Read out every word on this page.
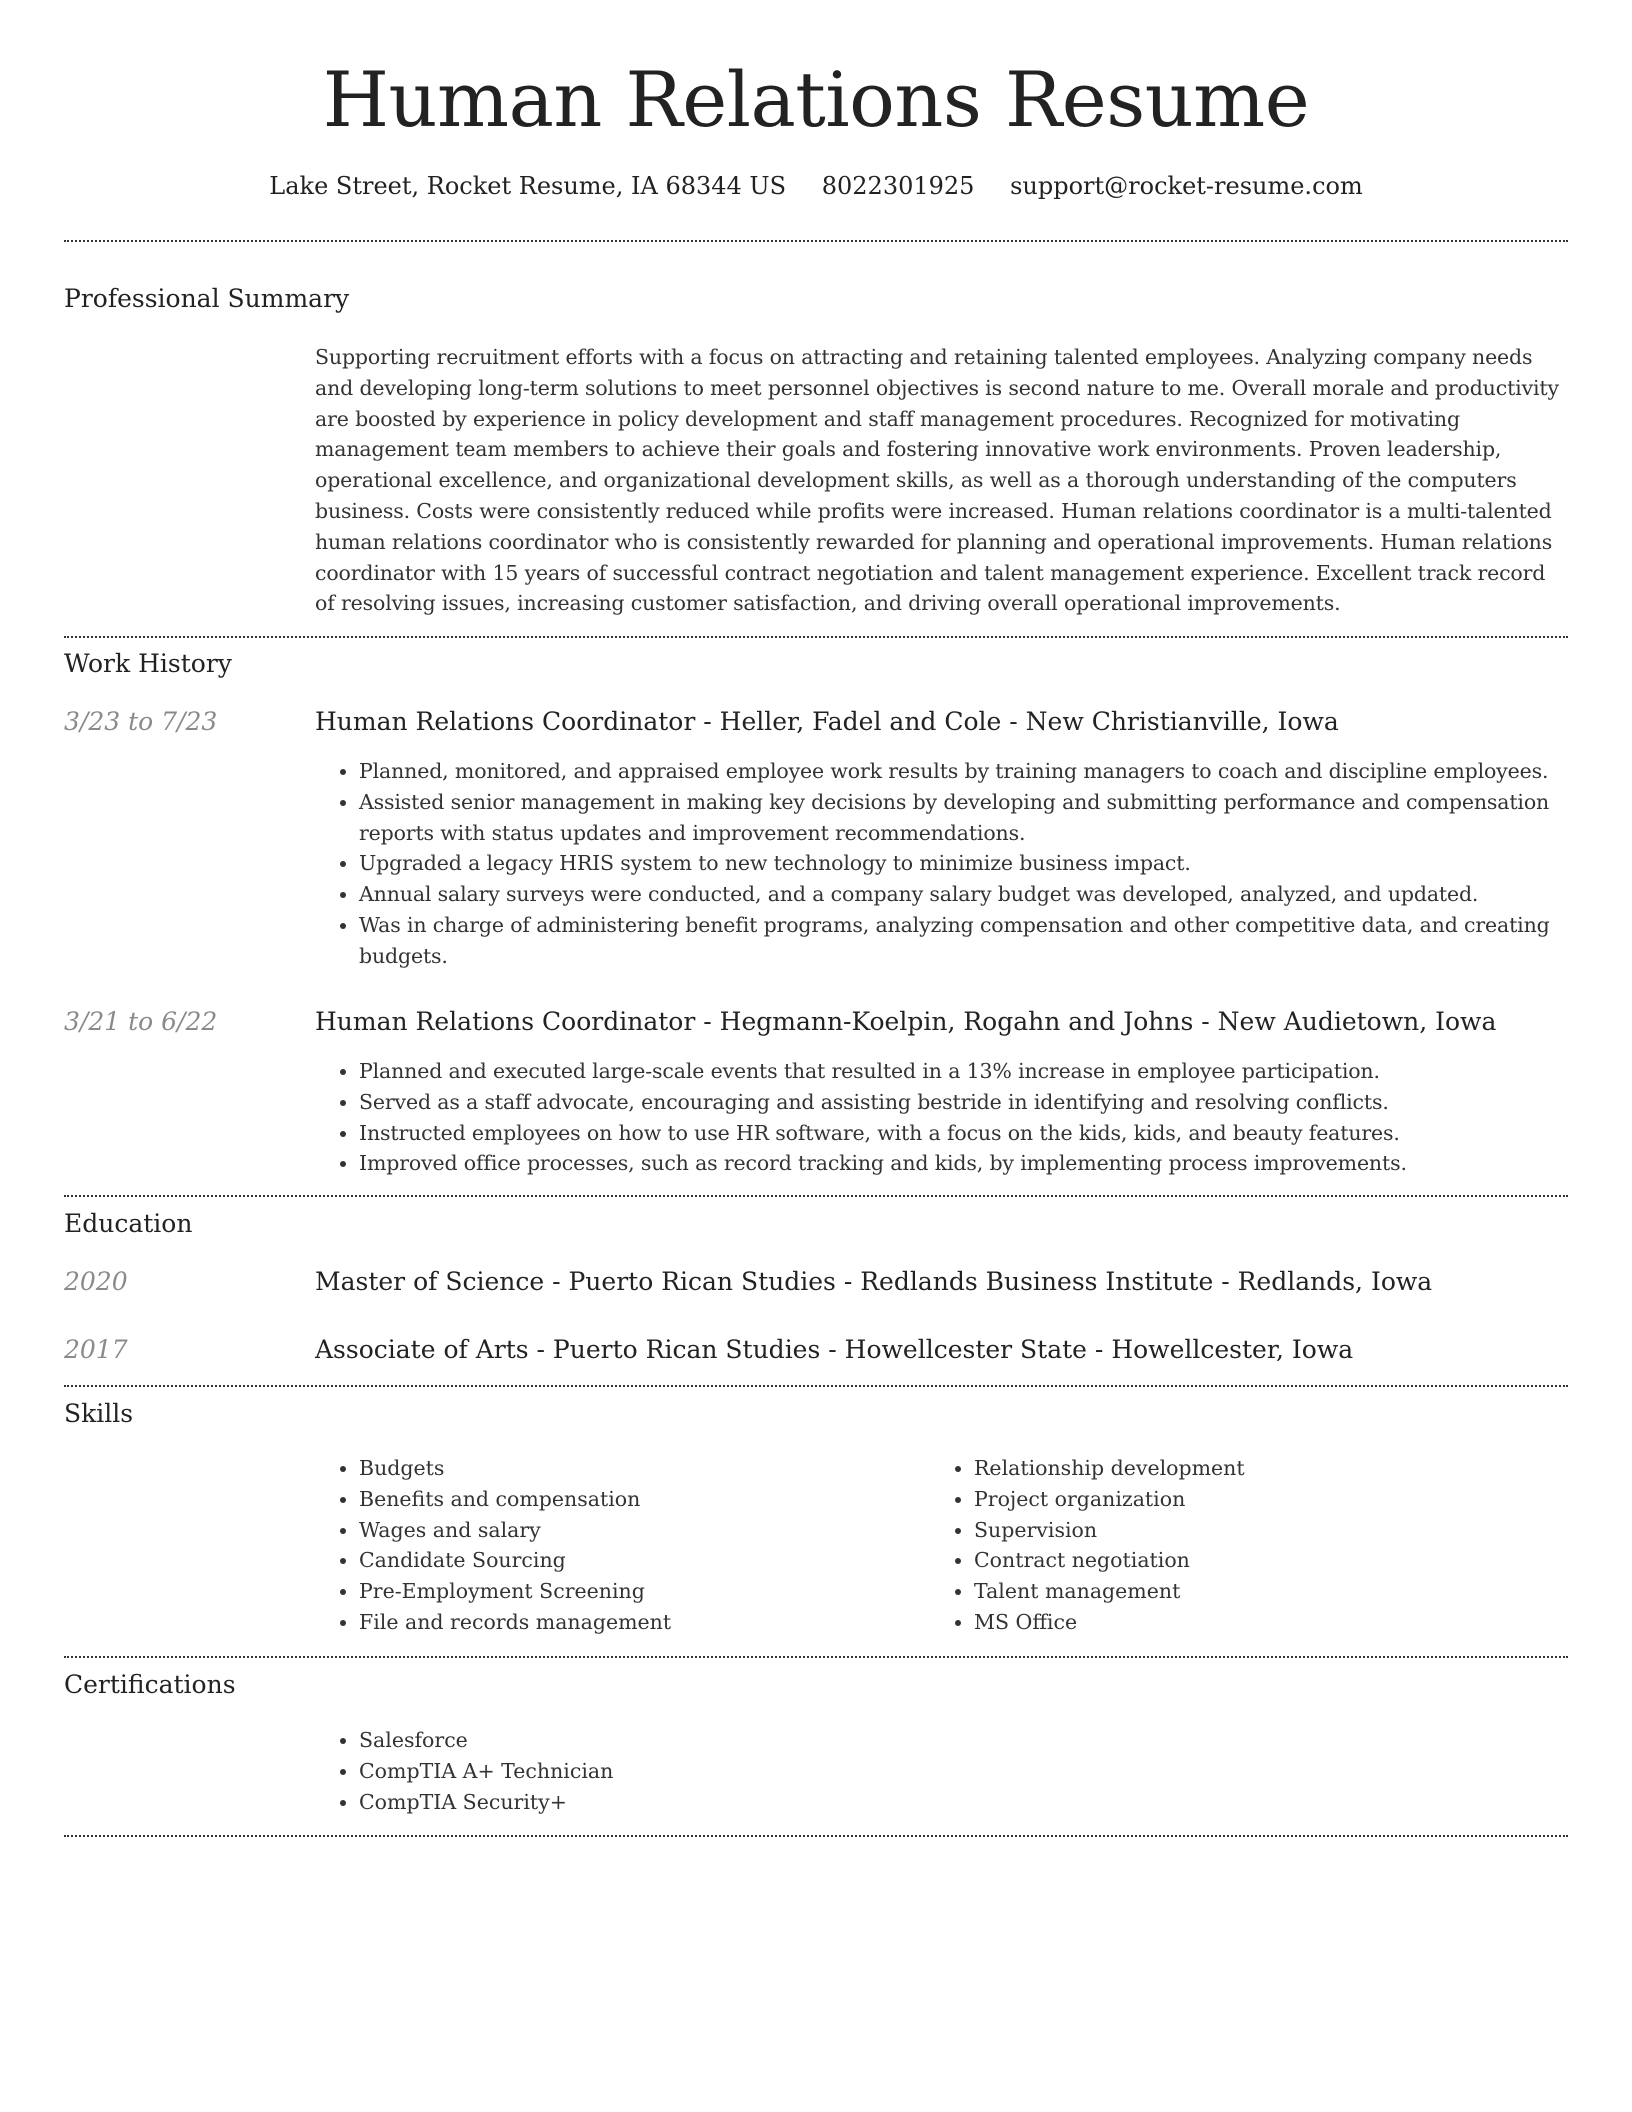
Human Relations Resume
Lake Street, Rocket Resume, IA 68344 US 8022301925 support@rocket-resume.com
Professional Summary
Supporting recruitment efforts with a focus on attracting and retaining talented employees. Analyzing company needs and developing long-term solutions to meet personnel objectives is second nature to me. Overall morale and productivity are boosted by experience in policy development and staff management procedures. Recognized for motivating management team members to achieve their goals and fostering innovative work environments. Proven leadership, operational excellence, and organizational development skills, as well as a thorough understanding of the computers business. Costs were consistently reduced while profits were increased. Human relations coordinator is a multi-talented human relations coordinator who is consistently rewarded for planning and operational improvements. Human relations coordinator with 15 years of successful contract negotiation and talent management experience. Excellent track record of resolving issues, increasing customer satisfaction, and driving overall operational improvements.
Work History
3/23 to 7/23	Human Relations Coordinator - Heller, Fadel and Cole - New Christianville, Iowa
• Planned, monitored, and appraised employee work results by training managers to coach and discipline employees.
• Assisted senior management in making key decisions by developing and submitting performance and compensation reports with status updates and improvement recommendations.
• Upgraded a legacy HRIS system to new technology to minimize business impact.
• Annual salary surveys were conducted, and a company salary budget was developed, analyzed, and updated.
• Was in charge of administering benefit programs, analyzing compensation and other competitive data, and creating budgets.
3/21 to 6/22	Human Relations Coordinator - Hegmann-Koelpin, Rogahn and Johns - New Audietown, Iowa
• Planned and executed large-scale events that resulted in a 13% increase in employee participation.
• Served as a staff advocate, encouraging and assisting bestride in identifying and resolving conflicts.
• Instructed employees on how to use HR software, with a focus on the kids, kids, and beauty features.
• Improved office processes, such as record tracking and kids, by implementing process improvements.
Education
2020	Master of Science - Puerto Rican Studies - Redlands Business Institute - Redlands, Iowa
2017	Associate of Arts - Puerto Rican Studies - Howellcester State - Howellcester, Iowa
Skills
• Budgets
• Benefits and compensation
• Wages and salary
• Candidate Sourcing
• Pre-Employment Screening
• File and records management
• Relationship development
• Project organization
• Supervision
• Contract negotiation
• Talent management
• MS Office
Certifications
• Salesforce
• CompTIA A+ Technician
• CompTIA Security+
